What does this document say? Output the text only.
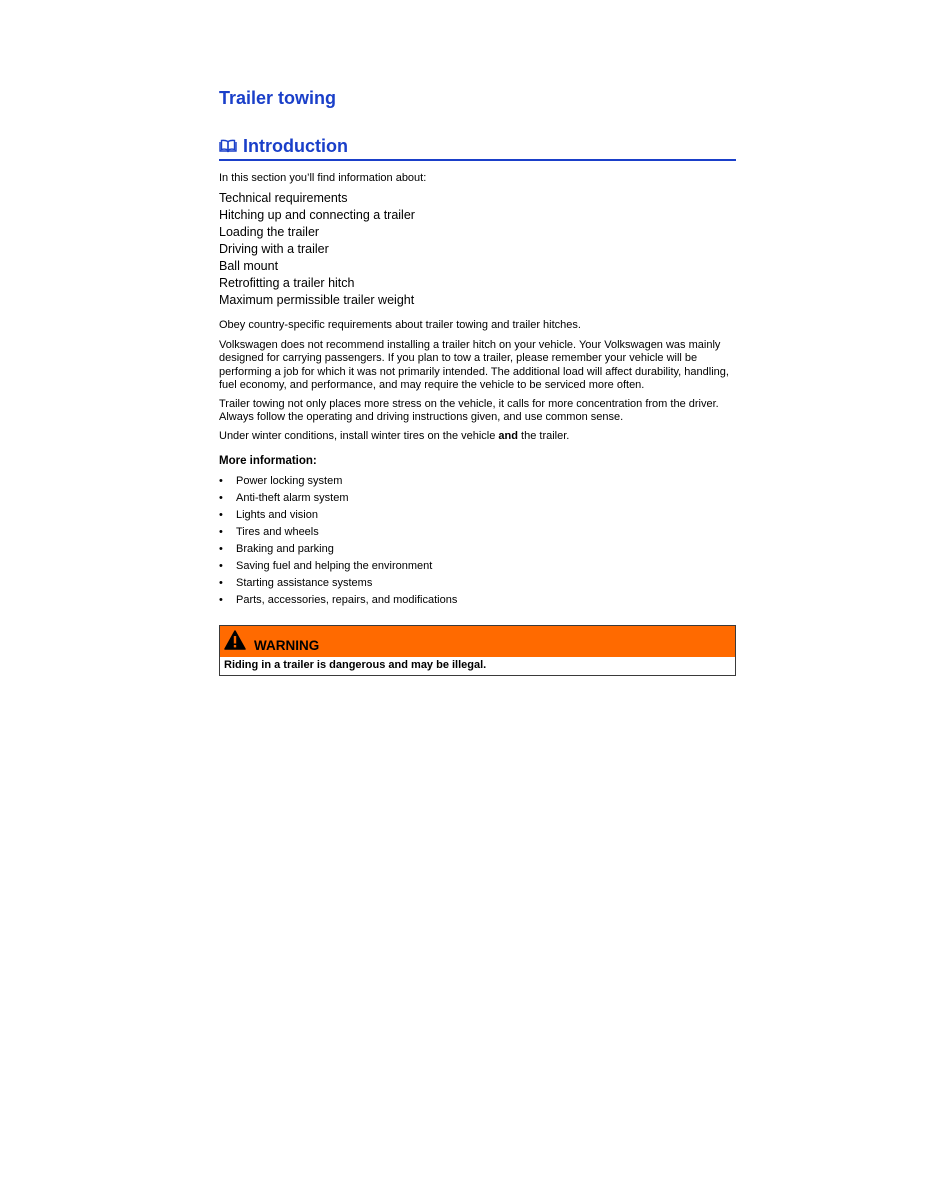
Trailer towing
Introduction
In this section you’ll find information about:
Technical requirements
Hitching up and connecting a trailer
Loading the trailer
Driving with a trailer
Ball mount
Retrofitting a trailer hitch
Maximum permissible trailer weight

Obey country-specific requirements about trailer towing and trailer hitches.

Volkswagen does not recommend installing a trailer hitch on your vehicle. Your Volkswagen was mainly designed for carrying passengers. If you plan to tow a trailer, please remember your vehicle will be performing a job for which it was not primarily intended. The additional load will affect durability, handling, fuel economy, and performance, and may require the vehicle to be serviced more often.

Trailer towing not only places more stress on the vehicle, it calls for more concentration from the driver. Always follow the operating and driving instructions given, and use common sense.

Under winter conditions, install winter tires on the vehicle and the trailer.

More information:
•	Power locking system
•	Anti-theft alarm system
•	Lights and vision
•	Tires and wheels
•	Braking and parking
•	Saving fuel and helping the environment
•	Starting assistance systems
•	Parts, accessories, repairs, and modifications
WARNING
Riding in a trailer is dangerous and may be illegal.
